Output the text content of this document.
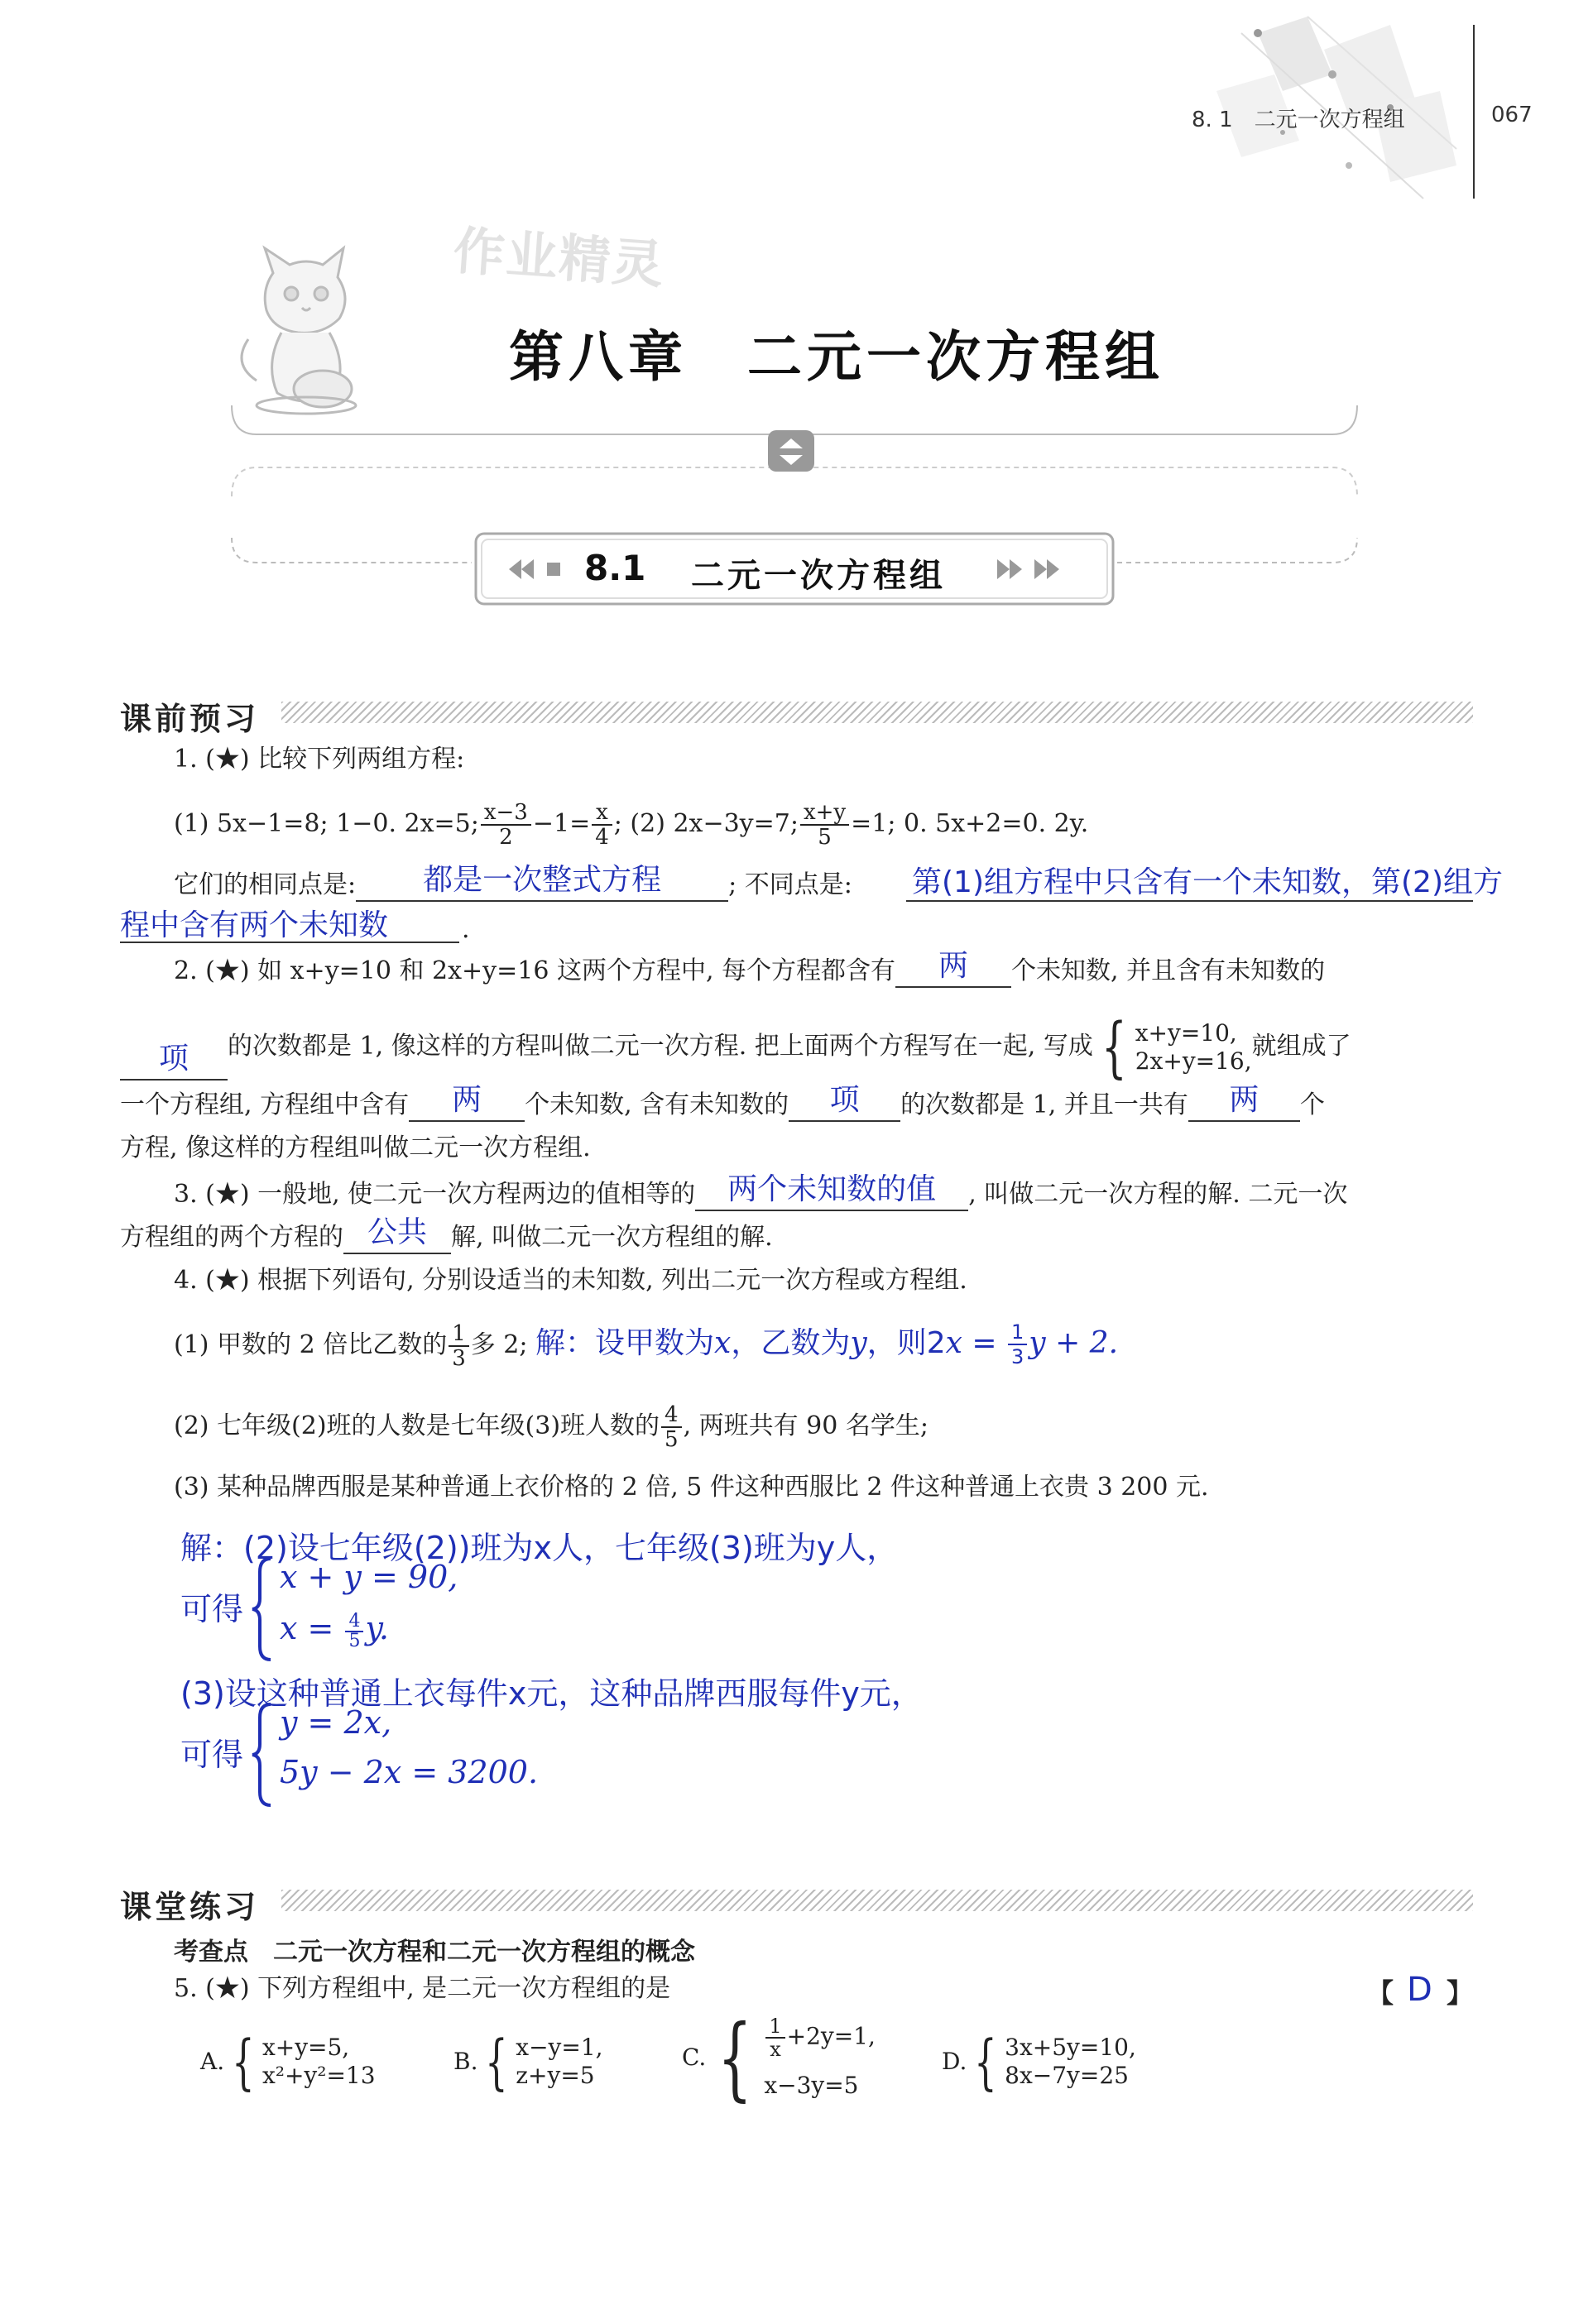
8. 1　二元一次方程组	067
作业精灵
第八章　二元一次方程组
8.1 二元一次方程组
课前预习
1. (★) 比较下列两组方程:
(1) 5x−1=8; 1−0. 2x=5; $\frac{x-3}{2} -1= \frac{x}{4}$ ; (2) 2x−3y=7; $\frac{x+y}{5} =1$; 0. 5x+2=0. 2y.
它们的相同点是:	都是一次整式方程	; 不同点是: 第(1)组方程中只含有一个未知数，第(2)组方
程中含有两个未知数	.
2. (★) 如 x+y=10 和 2x+y=16 这两个方程中, 每个方程都含有	两	个未知数, 并且含有未知数的
项	的次数都是 1, 像这样的方程叫做二元一次方程. 把上面两个方程写在一起, 写成 { x+y=10,
2x+y=16,
就组成了
一个方程组, 方程组中含有	两	个未知数, 含有未知数的	项	的次数都是 1, 并且一共有	两	个
方程, 像这样的方程组叫做二元一次方程组.
3. (★) 一般地, 使二元一次方程两边的值相等的	两个未知数的值	, 叫做二元一次方程的解. 二元一次
方程组的两个方程的 公共 解, 叫做二元一次方程组的解.
4. (★) 根据下列语句, 分别设适当的未知数, 列出二元一次方程或方程组.
(1) 甲数的 2 倍比乙数的 $\frac{1}{3}$ 多 2; 解：设甲数为x，乙数为y，则$2x = \frac{1}{3}$ y + 2.
(2) 七年级(2)班的人数是七年级(3)班人数的 $\frac{4}{5}$ , 两班共有 90 名学生;
(3) 某种品牌西服是某种普通上衣价格的 2 倍, 5 件这种西服比 2 件这种普通上衣贵 3 200 元.
解：(2)设七年级(2))班为x人，七年级(3)班为y人，
可得
x + y = 90,
$x = \frac{4}{5} y$.
(3)设这种普通上衣每件x元，这种品牌西服每件y元，
可得
y = 2x,
5y − 2x = 3200.
课堂练习
考查点　二元一次方程和二元一次方程组的概念
5. (★) 下列方程组中, 是二元一次方程组的是	【 D 】
A. { x+y=5,
x²+y²=13
B. { x−y=1,
z+y=5
C. { $\frac{1}{x} +2y=1$,
x−3y=5
D. { 3x+5y=10,
8x−7y=25
